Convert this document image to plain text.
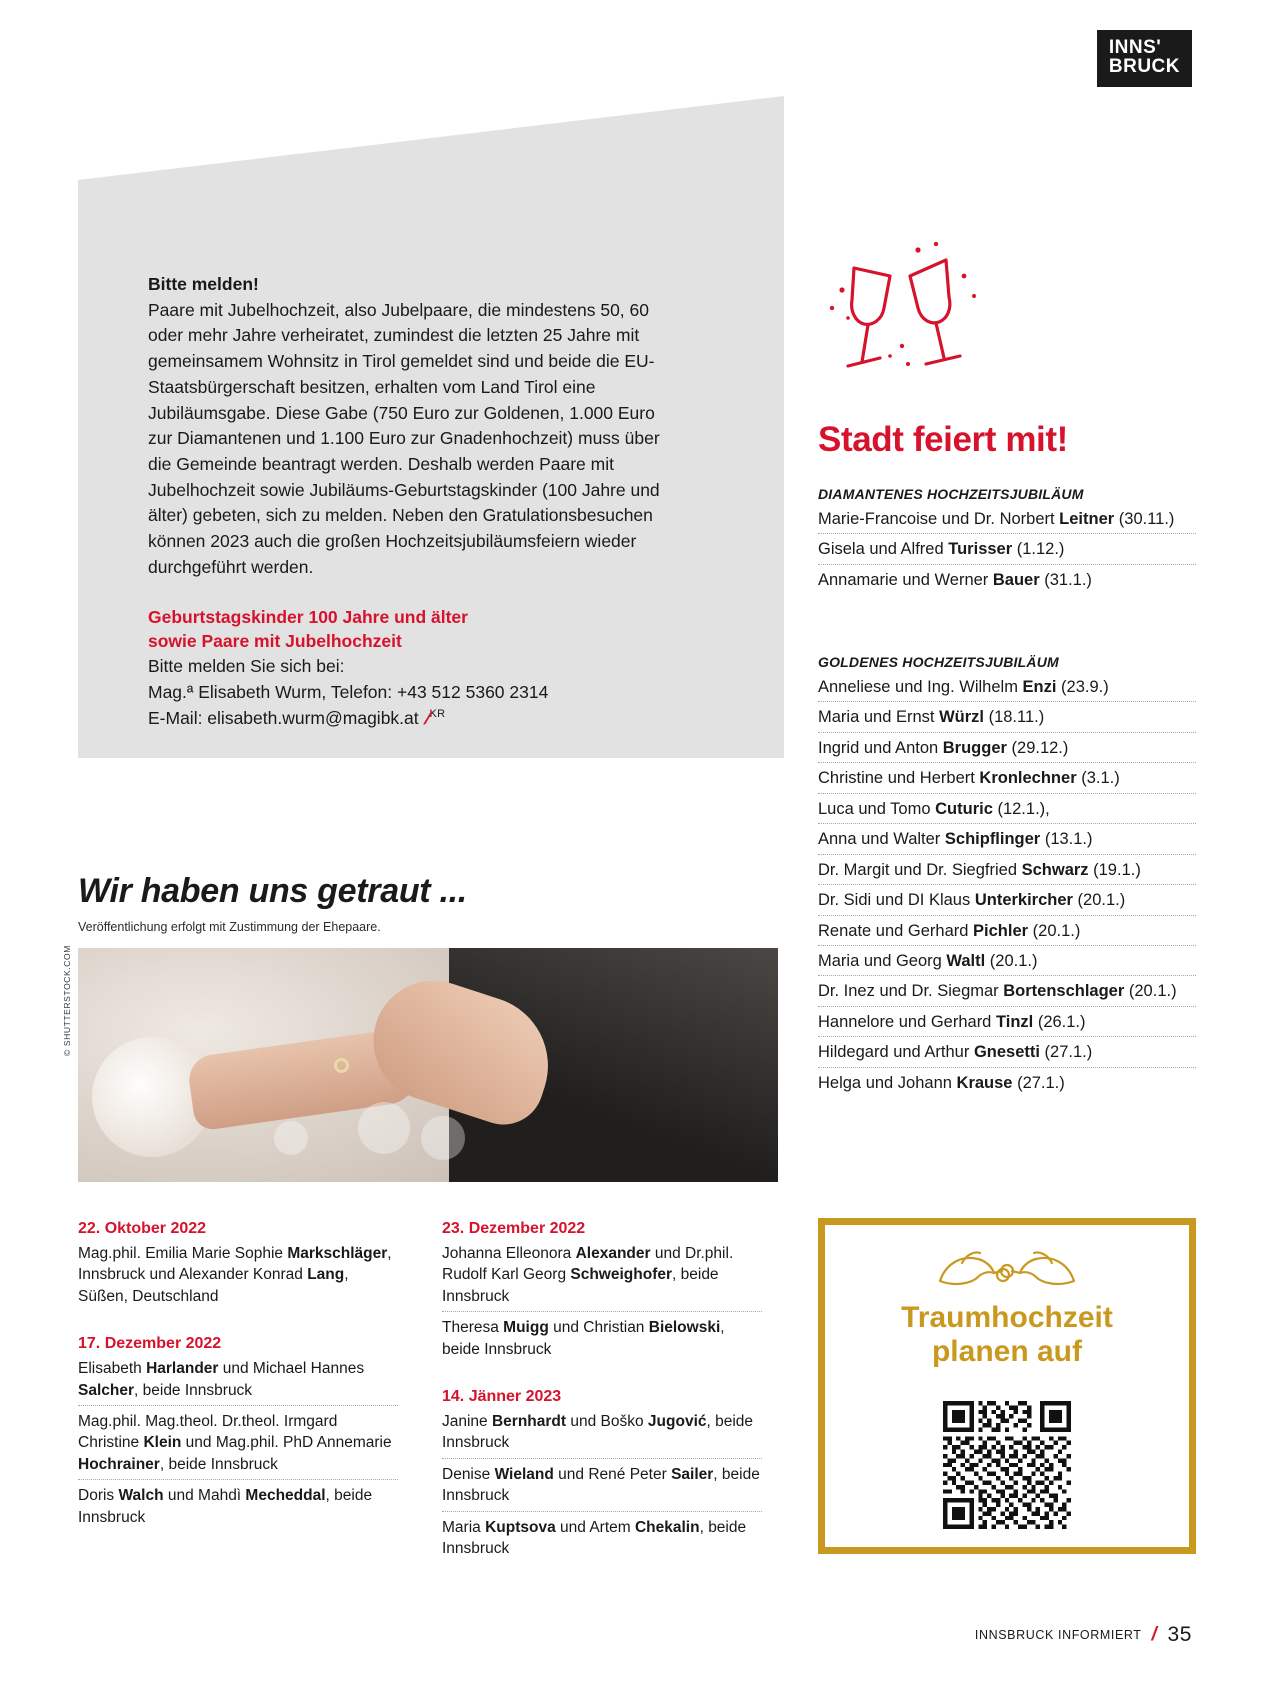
INNS'
BRUCK

Bitte melden!

Paare mit Jubelhochzeit, also Jubelpaare, die mindestens 50, 60 oder mehr Jahre verheiratet, zumindest die letzten 25 Jahre mit gemeinsamem Wohnsitz in Tirol gemeldet sind und beide die EU-Staatsbürgerschaft besitzen, erhalten vom Land Tirol eine Jubiläumsgabe. Diese Gabe (750 Euro zur Goldenen, 1.000 Euro zur Diamantenen und 1.100 Euro zur Gnadenhochzeit) muss über die Gemeinde beantragt werden. Deshalb werden Paare mit Jubelhochzeit sowie Jubiläums-Geburtstagskinder (100 Jahre und älter) gebeten, sich zu melden. Neben den Gratulationsbesuchen können 2023 auch die großen Hochzeitsjubiläumsfeiern wieder durchgeführt werden.

Geburtstagskinder 100 Jahre und älter

sowie Paare mit Jubelhochzeit

Bitte melden Sie sich bei:

Mag.ª Elisabeth Wurm, Telefon: +43 512 5360 2314

E-Mail: elisabeth.wurm@magibk.at /$^{KR}$

Wir haben uns getraut ...
Veröffentlichung erfolgt mit Zustimmung der Ehepaare.
© SHUTTERSTOCK.COM
22. Oktober 2022

Mag.phil. Emilia Marie Sophie Markschläger, Innsbruck und Alexander Konrad Lang, Süßen, Deutschland

17. Dezember 2022

Elisabeth Harlander und Michael Hannes Salcher, beide Innsbruck

Mag.phil. Mag.theol. Dr.theol. Irmgard Christine Klein und Mag.phil. PhD Annemarie Hochrainer, beide Innsbruck

Doris Walch und Mahdì Mecheddal, beide Innsbruck

23. Dezember 2022

Johanna Elleonora Alexander und Dr.phil. Rudolf Karl Georg Schweighofer, beide Innsbruck

Theresa Muigg und Christian Bielowski, beide Innsbruck

14. Jänner 2023

Janine Bernhardt und Boško Jugović, beide Innsbruck

Denise Wieland und René Peter Sailer, beide Innsbruck

Maria Kuptsova und Artem Chekalin, beide Innsbruck

Stadt feiert mit!
DIAMANTENES HOCHZEITSJUBILÄUM
Marie-Francoise und Dr. Norbert Leitner (30.11.)
Gisela und Alfred Turisser (1.12.)
Annamarie und Werner Bauer (31.1.)
GOLDENES HOCHZEITSJUBILÄUM
Anneliese und Ing. Wilhelm Enzi (23.9.)
Maria und Ernst Würzl (18.11.)
Ingrid und Anton Brugger (29.12.)
Christine und Herbert Kronlechner (3.1.)
Luca und Tomo Cuturic (12.1.),
Anna und Walter Schipflinger (13.1.)
Dr. Margit und Dr. Siegfried Schwarz (19.1.)
Dr. Sidi und DI Klaus Unterkircher (20.1.)
Renate und Gerhard Pichler (20.1.)
Maria und Georg Waltl (20.1.)
Dr. Inez und Dr. Siegmar Bortenschlager (20.1.)
Hannelore und Gerhard Tinzl (26.1.)
Hildegard und Arthur Gnesetti (27.1.)
Helga und Johann Krause (27.1.)
Traumhochzeit
planen auf
INNSBRUCK INFORMIERT / 35
